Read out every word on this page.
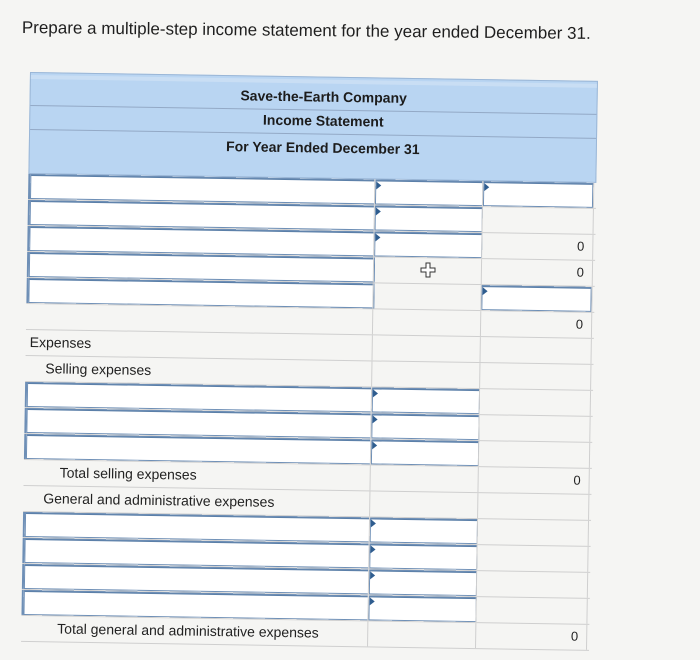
Prepare a multiple-step income statement for the year ended December 31.
Save-the-Earth Company
Income Statement
For Year Ended December 31
0
0
0
Expenses
Selling expenses
Total selling expenses	0
General and administrative expenses
Total general and administrative expenses	0
